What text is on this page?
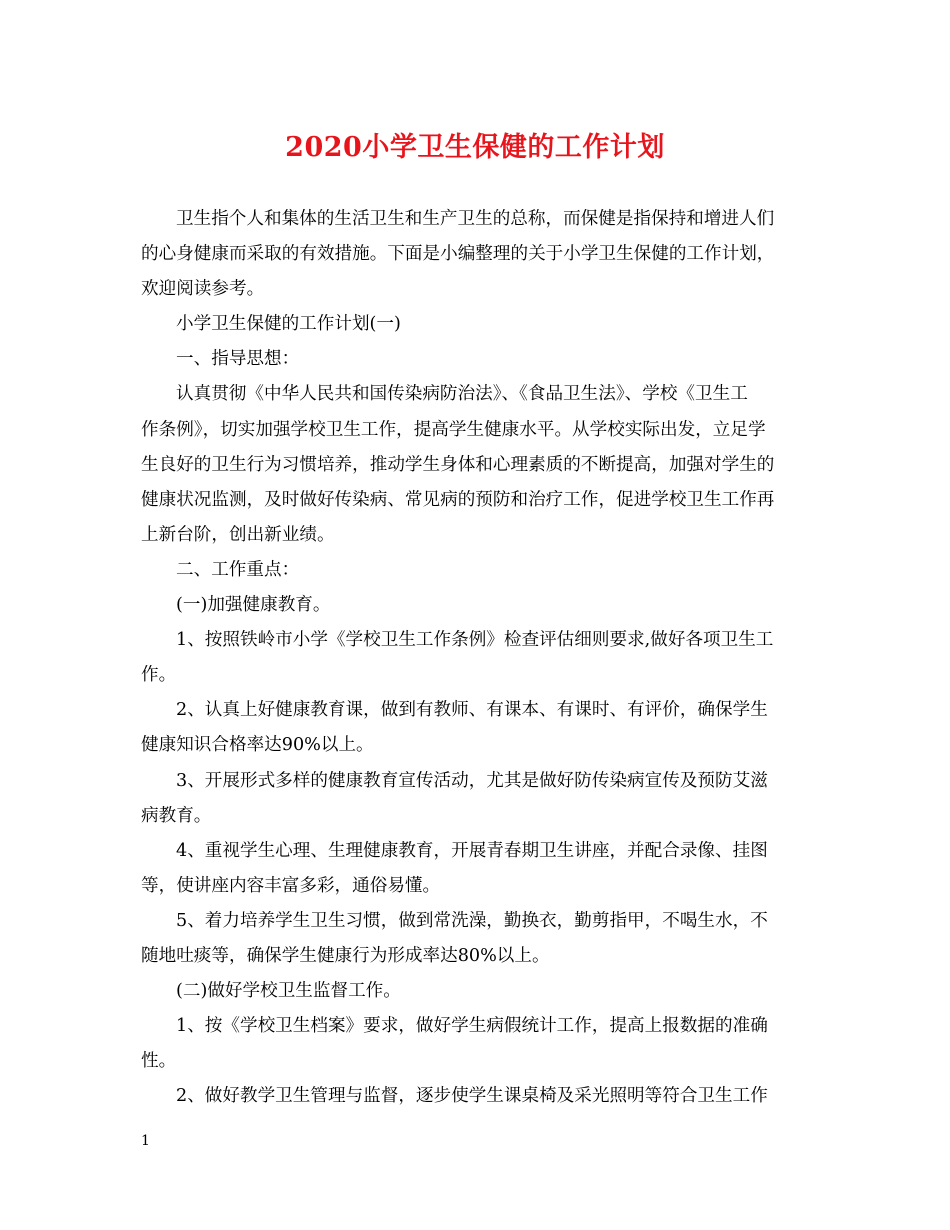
2020小学卫生保健的工作计划
卫生指个人和集体的生活卫生和生产卫生的总称，而保健是指保持和增进人们
的心身健康而采取的有效措施。下面是小编整理的关于小学卫生保健的工作计划，
欢迎阅读参考。
小学卫生保健的工作计划(一)
一、指导思想：
认真贯彻《中华人民共和国传染病防治法》、《食品卫生法》、学校《卫生工
作条例》，切实加强学校卫生工作，提高学生健康水平。从学校实际出发，立足学
生良好的卫生行为习惯培养，推动学生身体和心理素质的不断提高，加强对学生的
健康状况监测，及时做好传染病、常见病的预防和治疗工作，促进学校卫生工作再
上新台阶，创出新业绩。
二、工作重点：
(一)加强健康教育。
1、按照铁岭市小学《学校卫生工作条例》检查评估细则要求,做好各项卫生工
作。
2、认真上好健康教育课，做到有教师、有课本、有课时、有评价，确保学生
健康知识合格率达90%以上。
3、开展形式多样的健康教育宣传活动，尤其是做好防传染病宣传及预防艾滋
病教育。
4、重视学生心理、生理健康教育，开展青春期卫生讲座，并配合录像、挂图
等，使讲座内容丰富多彩，通俗易懂。
5、着力培养学生卫生习惯，做到常洗澡，勤换衣，勤剪指甲，不喝生水，不
随地吐痰等，确保学生健康行为形成率达80%以上。
(二)做好学校卫生监督工作。
1、按《学校卫生档案》要求，做好学生病假统计工作，提高上报数据的准确
性。
2、做好教学卫生管理与监督，逐步使学生课桌椅及采光照明等符合卫生工作
1
